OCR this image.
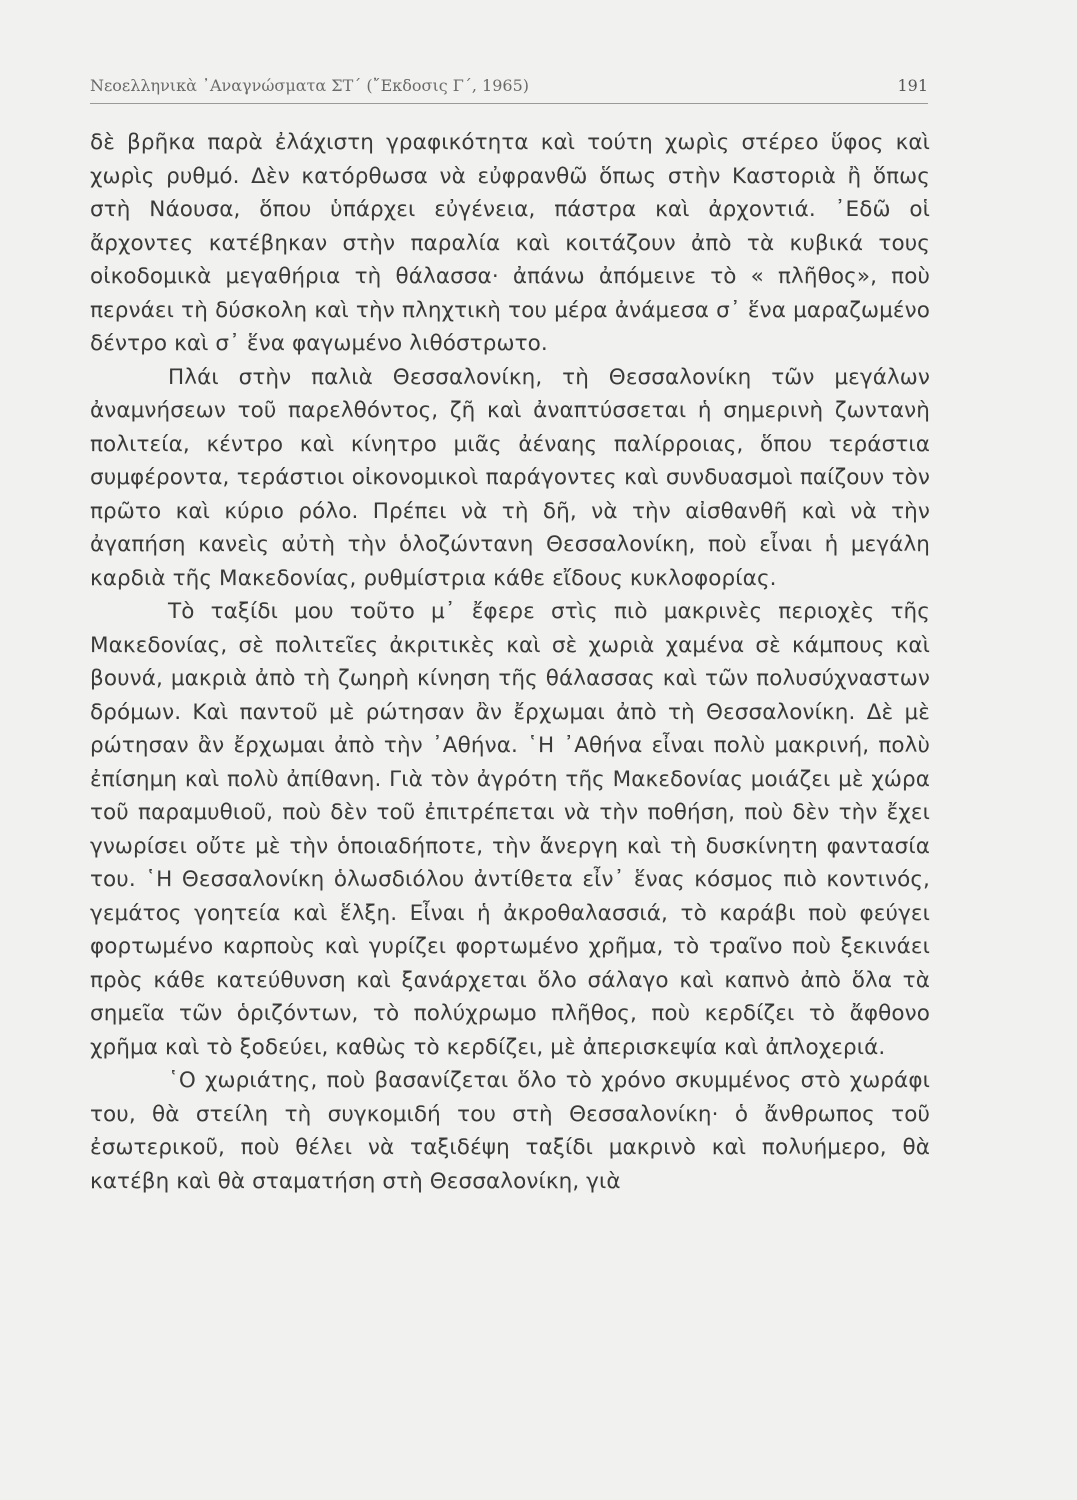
Νεοελληνικὰ ᾿Αναγνώσματα ΣΤ΄ (῎Εκδοσις Γ΄, 1965)	191

δὲ βρῆκα παρὰ ἐλάχιστη γραφικότητα καὶ τούτη χωρὶς στέρεο ὕφος καὶ χωρὶς ρυθμό. Δὲν κατόρθωσα νὰ εὐφρανθῶ ὅπως στὴν Καστοριὰ ἢ ὅπως στὴ Νάουσα, ὅπου ὑπάρχει εὐγένεια, πάστρα καὶ ἀρχοντιά. ᾿Εδῶ οἱ ἄρχοντες κατέβηκαν στὴν παραλία καὶ κοιτάζουν ἀπὸ τὰ κυβικά τους οἰκοδομικὰ μεγαθήρια τὴ θάλασσα· ἀπάνω ἀπόμεινε τὸ « πλῆθος», ποὺ περνάει τὴ δύσκολη καὶ τὴν πληχτικὴ του μέρα ἀνάμεσα σ᾿ ἕνα μαραζωμένο δέντρο καὶ σ᾿ ἕνα φαγωμένο λιθόστρωτο.

Πλάι στὴν παλιὰ Θεσσαλονίκη, τὴ Θεσσαλονίκη τῶν μεγάλων ἀναμνήσεων τοῦ παρελθόντος, ζῆ καὶ ἀναπτύσσεται ἡ σημερινὴ ζωντανὴ πολιτεία, κέντρο καὶ κίνητρο μιᾶς ἀέναης παλίρροιας, ὅπου τεράστια συμφέροντα, τεράστιοι οἰκονομικοὶ παράγοντες καὶ συνδυασμοὶ παίζουν τὸν πρῶτο καὶ κύριο ρόλο. Πρέπει νὰ τὴ δῆ, νὰ τὴν αἰσθανθῆ καὶ νὰ τὴν ἀγαπήση κανεὶς αὐτὴ τὴν ὁλοζώντανη Θεσσαλονίκη, ποὺ εἶναι ἡ μεγάλη καρδιὰ τῆς Μακεδονίας, ρυθμίστρια κάθε εἴδους κυκλοφορίας.

Τὸ ταξίδι μου τοῦτο μ᾿ ἔφερε στὶς πιὸ μακρινὲς περιοχὲς τῆς Μακεδονίας, σὲ πολιτεῖες ἀκριτικὲς καὶ σὲ χωριὰ χαμένα σὲ κάμπους καὶ βουνά, μακριὰ ἀπὸ τὴ ζωηρὴ κίνηση τῆς θάλασσας καὶ τῶν πολυσύχναστων δρόμων. Καὶ παντοῦ μὲ ρώτησαν ἂν ἔρχωμαι ἀπὸ τὴ Θεσσαλονίκη. Δὲ μὲ ρώτησαν ἂν ἔρχωμαι ἀπὸ τὴν ᾿Αθήνα. ῾Η ᾿Αθήνα εἶναι πολὺ μακρινή, πολὺ ἐπίσημη καὶ πολὺ ἀπίθανη. Γιὰ τὸν ἀγρότη τῆς Μακεδονίας μοιάζει μὲ χώρα τοῦ παραμυθιοῦ, ποὺ δὲν τοῦ ἐπιτρέπεται νὰ τὴν ποθήση, ποὺ δὲν τὴν ἔχει γνωρίσει οὔτε μὲ τὴν ὁποιαδήποτε, τὴν ἄνεργη καὶ τὴ δυσκίνητη φαντασία του. ῾Η Θεσσαλονίκη ὁλωσδιόλου ἀντίθετα εἶν᾿ ἕνας κόσμος πιὸ κοντινός, γεμάτος γοητεία καὶ ἕλξη. Εἶναι ἡ ἀκροθαλασσιά, τὸ καράβι ποὺ φεύγει φορτωμένο καρποὺς καὶ γυρίζει φορτωμένο χρῆμα, τὸ τραῖνο ποὺ ξεκινάει πρὸς κάθε κατεύθυνση καὶ ξανάρχεται ὅλο σάλαγο καὶ καπνὸ ἀπὸ ὅλα τὰ σημεῖα τῶν ὁριζόντων, τὸ πολύχρωμο πλῆθος, ποὺ κερδίζει τὸ ἄφθονο χρῆμα καὶ τὸ ξοδεύει, καθὼς τὸ κερδίζει, μὲ ἀπερισκεψία καὶ ἀπλοχεριά.

῾Ο χωριάτης, ποὺ βασανίζεται ὅλο τὸ χρόνο σκυμμένος στὸ χωράφι του, θὰ στείλη τὴ συγκομιδή του στὴ Θεσσαλονίκη· ὁ ἄνθρωπος τοῦ ἐσωτερικοῦ, ποὺ θέλει νὰ ταξιδέψη ταξίδι μακρινὸ καὶ πολυήμερο, θὰ κατέβη καὶ θὰ σταματήση στὴ Θεσσαλονίκη, γιὰ
